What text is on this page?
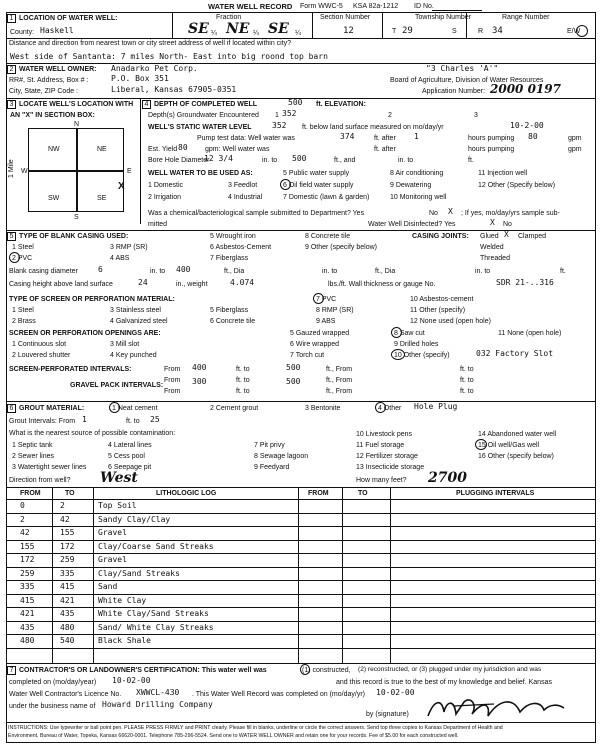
WATER WELL RECORD Form WWC-5 KSA 82a-1212 ID No.
1 LOCATION OF WATER WELL:
County: Haskell
Fraction
SE ¼ NE ¼ SE ¼
Section Number
12
Township Number
T 29	S
Range Number
R 34	E/W
Distance and direction from nearest town or city street address of well if located within city?
West side of Santanta: 7 miles North- East into big roond top barn
2 WATER WELL OWNER: Anadarko Pet Corp.	"3 Charles 'A'"
RR#, St. Address, Box # :	P.O. Box 351	Board of Agriculture, Division of Water Resources
City, State, ZIP Code :	Liberal, Kansas 67905-0351	Application Number: 2000 0197
3 LOCATE WELL'S LOCATION WITH
AN "X" IN SECTION BOX:
N
S
W	E
NW	NE
SW	SE
1 Mile
X
4 DEPTH OF COMPLETED WELL	500 ft. ELEVATION:
Depth(s) Groundwater Encountered 1 352	2	3
WELL'S STATIC WATER LEVEL	352 ft. below land surface measured on mo/day/yr	10-2-00
Pump test data: Well water was	374	ft. after 1	hours pumping 80	gpm
Est. Yield 80 gpm: Well water was	ft. after	hours pumping	gpm
Bore Hole Diameter
12 3/4	in. to 500	ft., and	in. to	ft.
WELL WATER TO BE USED AS:
1 Domestic
2 Irrigation
3 Feedlot
4 Industrial
5 Public water supply
6 Oil field water supply
7 Domestic (lawn & garden)
8 Air conditioning
9 Dewatering
10 Monitoring well
11 Injection well
12 Other (Specify below)
Was a chemical/bacteriological sample submitted to Department? Yes	No X ; If yes, mo/day/yrs sample sub-
mitted	Water Well Disinfected? Yes	X No
5 TYPE OF BLANK CASING USED:
1 Steel
2 PVC
3 RMP (SR)
4 ABS
5 Wrought iron
6 Asbestos-Cement
7 Fiberglass
8 Concrete tile
9 Other (specify below)
CASING JOINTS: Glued X Clamped
Welded
Threaded
Blank casing diameter	6	in. to 400	ft., Dia	in. to	ft., Dia	in. to	ft.
Casing height above land surface	24	in., weight	4.074	lbs./ft. Wall thickness or gauge No.	SDR 21-..316
TYPE OF SCREEN OR PERFORATION MATERIAL:
1 Steel
2 Brass
3 Stainless steel
4 Galvanized steel
5 Fiberglass
6 Concrete tile
7 PVC
8 RMP (SR)
9 ABS
10 Asbestos-cement
11 Other (specify)
12 None used (open hole)
SCREEN OR PERFORATION OPENINGS ARE:
1 Continuous slot
2 Louvered shutter
3 Mill slot
4 Key punched
5 Gauzed wrapped
6 Wire wrapped
7 Torch cut
8 Saw cut
9 Drilled holes
10 Other (specify)	032 Factory Slot
11 None (open hole)
SCREEN-PERFORATED INTERVALS:	From 400	ft. to	500	ft., From	ft. to
From	ft. to	ft., From	ft. to
GRAVEL PACK INTERVALS:
From
300
ft. to
500
ft., From	ft. to
6 GROUT MATERIAL:	1 Neat cement	2 Cement grout	3 Bentonite	4 Other Hole Plug
Grout Intervals: From 1	ft. to 25
What is the nearest source of possible contamination:
1 Septic tank
2 Sewer lines
3 Watertight sewer lines
4 Lateral lines
5 Cess pool
6 Seepage pit
7 Pit privy
8 Sewage lagoon
9 Feedyard
10 Livestock pens
11 Fuel storage
12 Fertilizer storage
13 Insecticide storage
14 Abandoned water well
15 Oil well/Gas well
16 Other (specify below)
Direction from well? West	How many feet? 2700
FROM	TO	LITHOLOGIC LOG	FROM	TO	PLUGGING INTERVALS
0	2	Top Soil
2	42	Sandy Clay/Clay
42	155	Gravel
155	172	Clay/Coarse Sand Streaks
172	259	Gravel
259	335	Clay/Sand Streaks
335	415	Sand
415	421	White Clay
421	435	White Clay/Sand Streaks
435	480	Sand/ White Clay Streaks
480	540	Black Shale
7 CONTRACTOR'S OR LANDOWNER'S CERTIFICATION: This water well was	(1) constructed, (2) reconstructed, or (3) plugged under my jurisdiction and was
completed on (mo/day/year) 10-02-00	and this record is true to the best of my knowledge and belief. Kansas
Water Well Contractor's Licence No. XWWCL-430 . This Water Well Record was completed on (mo/day/yr) 10-02-00
under the business name of Howard Drilling Company
by (signature)
INSTRUCTIONS: Use typewriter or ball point pen. PLEASE PRESS FIRMLY and PRINT clearly. Please fill in blanks, underline or circle the correct answers. Send top three copies to Kansas Department of Health and
Environment, Bureau of Water, Topeka, Kansas 66620-0001. Telephone 785-296-5524. Send one to WATER WELL OWNER and retain one for your records. Fee of $5.00 for each constructed well.
